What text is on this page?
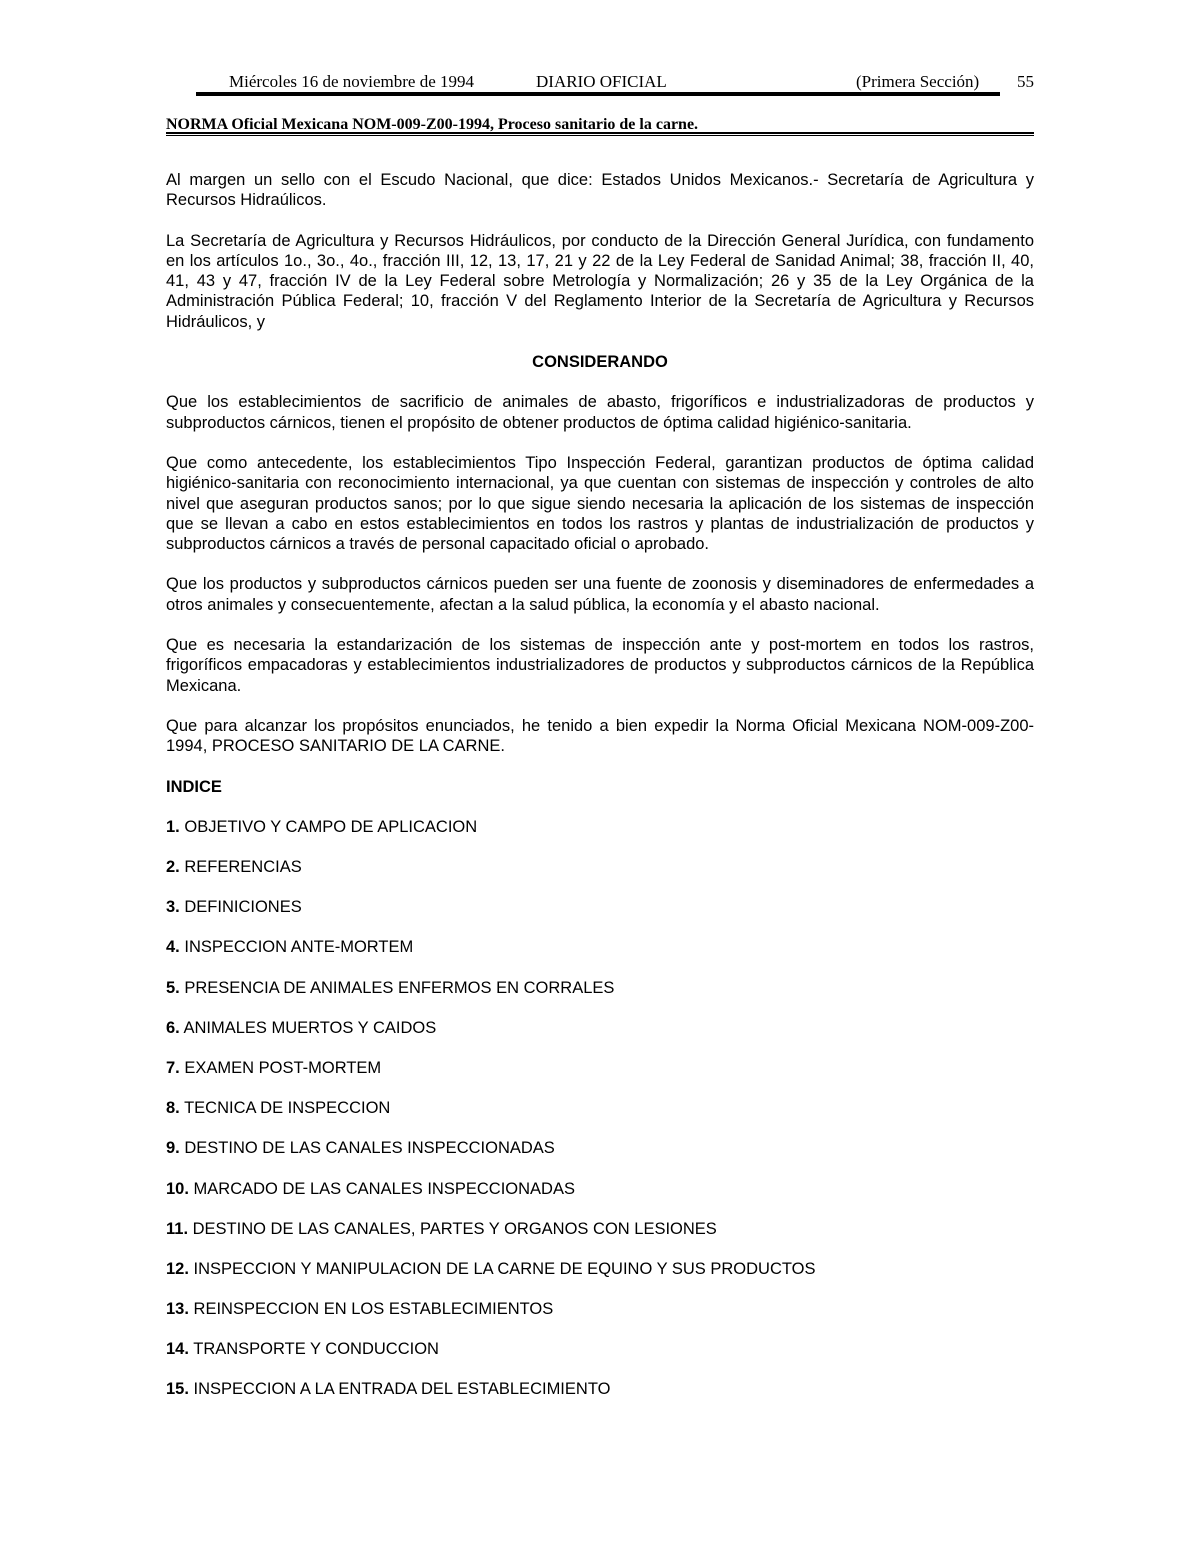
Miércoles 16 de noviembre de 1994	DIARIO OFICIAL	(Primera Sección) 55
NORMA Oficial Mexicana NOM-009-Z00-1994, Proceso sanitario de la carne.

Al margen un sello con el Escudo Nacional, que dice: Estados Unidos Mexicanos.- Secretaría de Agricultura y Recursos Hidraúlicos.

La Secretaría de Agricultura y Recursos Hidráulicos, por conducto de la Dirección General Jurídica, con fundamento en los artículos 1o., 3o., 4o., fracción III, 12, 13, 17, 21 y 22 de la Ley Federal de Sanidad Animal; 38, fracción II, 40, 41, 43 y 47, fracción IV de la Ley Federal sobre Metrología y Normalización; 26 y 35 de la Ley Orgánica de la Administración Pública Federal; 10, fracción V del Reglamento Interior de la Secretaría de Agricultura y Recursos Hidráulicos, y

CONSIDERANDO

Que los establecimientos de sacrificio de animales de abasto, frigoríficos e industrializadoras de productos y subproductos cárnicos, tienen el propósito de obtener productos de óptima calidad higiénico-sanitaria.

Que como antecedente, los establecimientos Tipo Inspección Federal, garantizan productos de óptima calidad higiénico-sanitaria con reconocimiento internacional, ya que cuentan con sistemas de inspección y controles de alto nivel que aseguran productos sanos; por lo que sigue siendo necesaria la aplicación de los sistemas de inspección que se llevan a cabo en estos establecimientos en todos los rastros y plantas de industrialización de productos y subproductos cárnicos a través de personal capacitado oficial o aprobado.

Que los productos y subproductos cárnicos pueden ser una fuente de zoonosis y diseminadores de enfermedades a otros animales y consecuentemente, afectan a la salud pública, la economía y el abasto nacional.

Que es necesaria la estandarización de los sistemas de inspección ante y post-mortem en todos los rastros, frigoríficos empacadoras y establecimientos industrializadores de productos y subproductos cárnicos de la República Mexicana.

Que para alcanzar los propósitos enunciados, he tenido a bien expedir la Norma Oficial Mexicana NOM-009-Z00-1994, PROCESO SANITARIO DE LA CARNE.

INDICE

1. OBJETIVO Y CAMPO DE APLICACION
2. REFERENCIAS
3. DEFINICIONES
4. INSPECCION ANTE-MORTEM
5. PRESENCIA DE ANIMALES ENFERMOS EN CORRALES
6. ANIMALES MUERTOS Y CAIDOS
7. EXAMEN POST-MORTEM
8. TECNICA DE INSPECCION
9. DESTINO DE LAS CANALES INSPECCIONADAS
10. MARCADO DE LAS CANALES INSPECCIONADAS
11. DESTINO DE LAS CANALES, PARTES Y ORGANOS CON LESIONES
12. INSPECCION Y MANIPULACION DE LA CARNE DE EQUINO Y SUS PRODUCTOS
13. REINSPECCION EN LOS ESTABLECIMIENTOS
14. TRANSPORTE Y CONDUCCION
15. INSPECCION A LA ENTRADA DEL ESTABLECIMIENTO
